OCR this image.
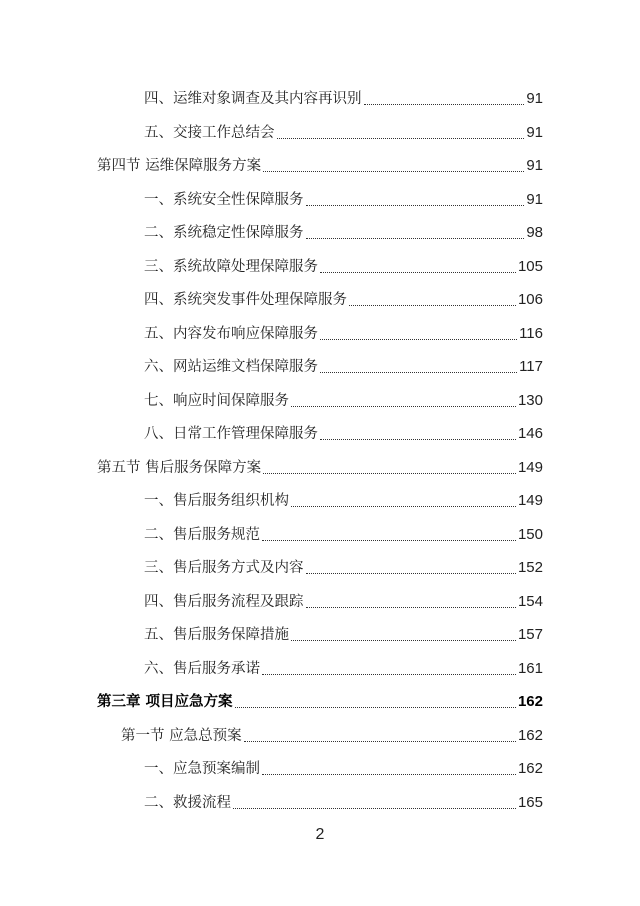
四、运维对象调查及其内容再识别	91
五、交接工作总结会	91
第四节 运维保障服务方案	91
一、系统安全性保障服务	91
二、系统稳定性保障服务	98
三、系统故障处理保障服务	105
四、系统突发事件处理保障服务	106
五、内容发布响应保障服务	116
六、网站运维文档保障服务	117
七、响应时间保障服务	130
八、日常工作管理保障服务	146
第五节 售后服务保障方案	149
一、售后服务组织机构	149
二、售后服务规范	150
三、售后服务方式及内容	152
四、售后服务流程及跟踪	154
五、售后服务保障措施	157
六、售后服务承诺	161
第三章 项目应急方案	162
第一节 应急总预案	162
一、应急预案编制	162
二、救援流程	165
2
